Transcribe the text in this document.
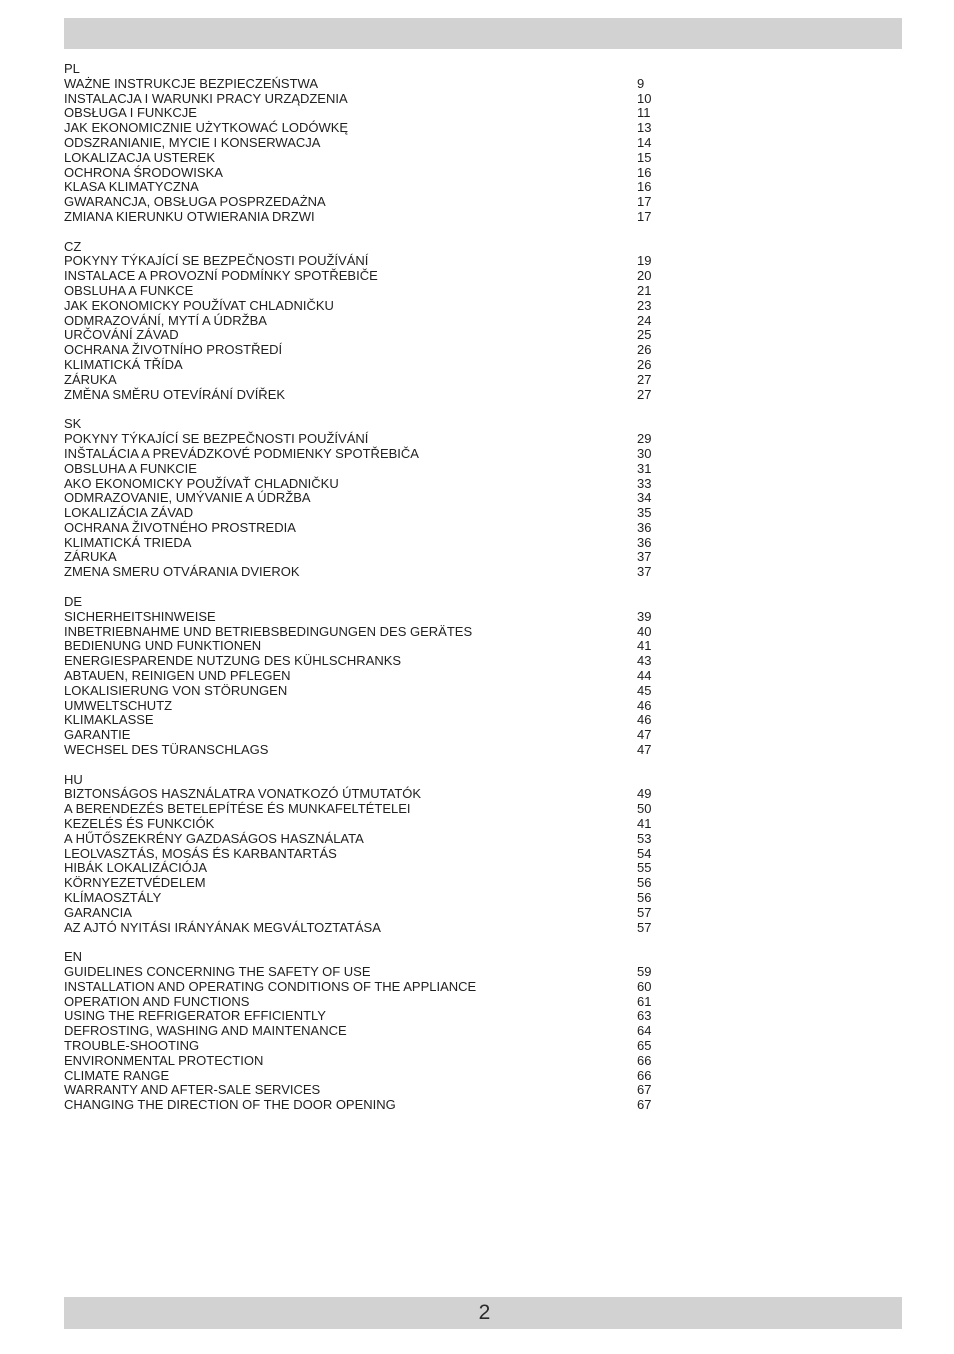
PL
WAŻNE INSTRUKCJE BEZPIECZEŃSTWA	9
INSTALACJA I WARUNKI PRACY URZĄDZENIA	10
OBSŁUGA I FUNKCJE	11
JAK EKONOMICZNIE UŻYTKOWAĆ LODÓWKĘ	13
ODSZRANIANIE, MYCIE I KONSERWACJA	14
LOKALIZACJA USTEREK	15
OCHRONA ŚRODOWISKA	16
KLASA KLIMATYCZNA	16
GWARANCJA, OBSŁUGA POSPRZEDAŻNA	17
ZMIANA KIERUNKU OTWIERANIA DRZWI	17
CZ
POKYNY TÝKAJÍCÍ SE BEZPEČNOSTI POUŽÍVÁNÍ	19
INSTALACE A PROVOZNÍ PODMÍNKY SPOTŘEBIČE	20
OBSLUHA A FUNKCE	21
JAK EKONOMICKY POUŽÍVAT CHLADNIČKU	23
ODMRAZOVÁNÍ, MYTÍ A ÚDRŽBA	24
URČOVÁNÍ ZÁVAD	25
OCHRANA ŽIVOTNÍHO PROSTŘEDÍ	26
KLIMATICKÁ TŘÍDA	26
ZÁRUKA	27
ZMĚNA SMĚRU OTEVÍRÁNÍ DVÍŘEK	27
SK
POKYNY TÝKAJÍCÍ SE BEZPEČNOSTI POUŽÍVÁNÍ	29
INŠTALÁCIA A PREVÁDZKOVÉ PODMIENKY SPOTŘEBIČA	30
OBSLUHA A FUNKCIE	31
AKO EKONOMICKY POUŽÍVAŤ CHLADNIČKU	33
ODMRAZOVANIE, UMÝVANIE A ÚDRŽBA	34
LOKALIZÁCIA ZÁVAD	35
OCHRANA ŽIVOTNÉHO PROSTREDIA	36
KLIMATICKÁ TRIEDA	36
ZÁRUKA	37
ZMENA SMERU OTVÁRANIA DVIEROK	37
DE
SICHERHEITSHINWEISE	39
INBETRIEBNAHME UND BETRIEBSBEDINGUNGEN DES GERÄTES	40
BEDIENUNG UND FUNKTIONEN	41
ENERGIESPARENDE NUTZUNG DES KÜHLSCHRANKS	43
ABTAUEN, REINIGEN UND PFLEGEN	44
LOKALISIERUNG VON STÖRUNGEN	45
UMWELTSCHUTZ	46
KLIMAKLASSE	46
GARANTIE	47
WECHSEL DES TÜRANSCHLAGS	47
HU
BIZTONSÁGOS HASZNÁLATRA VONATKOZÓ ÚTMUTATÓK	49
A BERENDEZÉS BETELEPÍTÉSE ÉS MUNKAFELTÉTELEI	50
KEZELÉS ÉS FUNKCIÓK	41
A HŰTŐSZEKRÉNY GAZDASÁGOS HASZNÁLATA	53
LEOLVASZTÁS, MOSÁS ÉS KARBANTARTÁS	54
HIBÁK LOKALIZÁCIÓJA	55
KÖRNYEZETVÉDELEM	56
KLÍMAOSZTÁLY	56
GARANCIA	57
AZ AJTÓ NYITÁSI IRÁNYÁNAK MEGVÁLTOZTATÁSA	57
EN
GUIDELINES CONCERNING THE SAFETY OF USE	59
INSTALLATION AND OPERATING CONDITIONS OF THE APPLIANCE	60
OPERATION AND FUNCTIONS	61
USING THE REFRIGERATOR EFFICIENTLY	63
DEFROSTING, WASHING AND MAINTENANCE	64
TROUBLE-SHOOTING	65
ENVIRONMENTAL PROTECTION	66
CLIMATE RANGE	66
WARRANTY AND AFTER-SALE SERVICES	67
CHANGING THE DIRECTION OF THE DOOR OPENING	67
2
